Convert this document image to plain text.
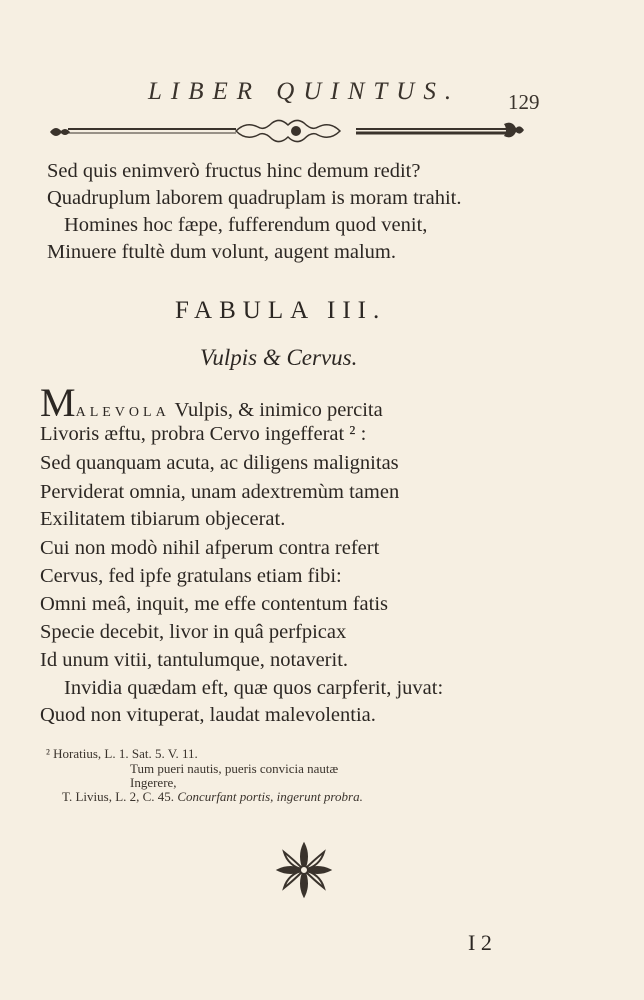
LIBER QUINTUS. 129
Sed quis enimverò fructus hinc demum redit?
Quadruplum laborem quadruplam is moram trahit.
Homines hoc fæpe, fufferendum quod venit,
Minuere ftultè dum volunt, augent malum.
FABULA III.
Vulpis & Cervus.
Malevola Vulpis, & inimico percita
Livoris æftu, probra Cervo ingefferat ² :
Sed quanquam acuta, ac diligens malignitas
Perviderat omnia, unam adextremùm tamen
Exilitatem tibiarum objecerat.
Cui non modò nihil afperum contra refert
Cervus, fed ipfe gratulans etiam fibi:
Omni meâ, inquit, me effe contentum fatis
Specie decebit, livor in quâ perfpicax
Id unum vitii, tantulumque, notaverit.
Invidia quædam eft, quæ quos carpferit, juvat:
Quod non vituperat, laudat malevolentia.
² Horatius, L. 1. Sat. 5. V. 11.
Tum pueri nautis, pueris convicia nautæ
Ingerere,
T. Livius, L. 2, C. 45. Concurfant portis, ingerunt probra.
I 2
